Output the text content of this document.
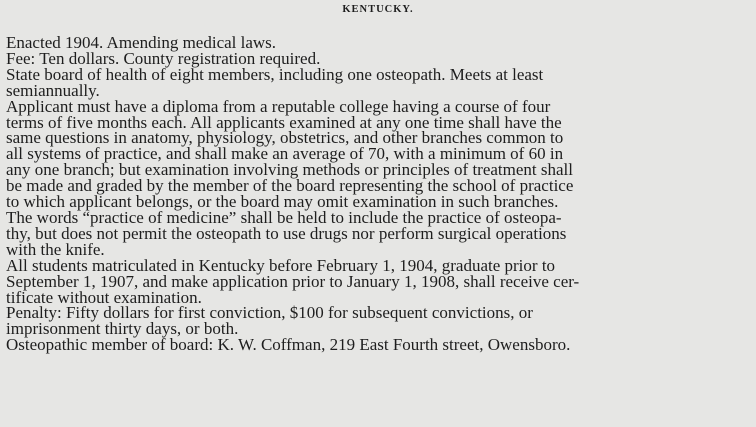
KENTUCKY.

Enacted 1904. Amending medical laws.

Fee: Ten dollars. County registration required.

State board of health of eight members, including one osteopath. Meets at least
semiannually.

Applicant must have a diploma from a reputable college having a course of four
terms of five months each. All applicants examined at any one time shall have the
same questions in anatomy, physiology, obstetrics, and other branches common to
all systems of practice, and shall make an average of 70, with a minimum of 60 in
any one branch; but examination involving methods or principles of treatment shall
be made and graded by the member of the board representing the school of practice
to which applicant belongs, or the board may omit examination in such branches.

The words “practice of medicine” shall be held to include the practice of osteopa-
thy, but does not permit the osteopath to use drugs nor perform surgical operations
with the knife.

All students matriculated in Kentucky before February 1, 1904, graduate prior to
September 1, 1907, and make application prior to January 1, 1908, shall receive cer-
tificate without examination.

Penalty: Fifty dollars for first conviction, $100 for subsequent convictions, or
imprisonment thirty days, or both.

Osteopathic member of board: K. W. Coffman, 219 East Fourth street, Owensboro.
